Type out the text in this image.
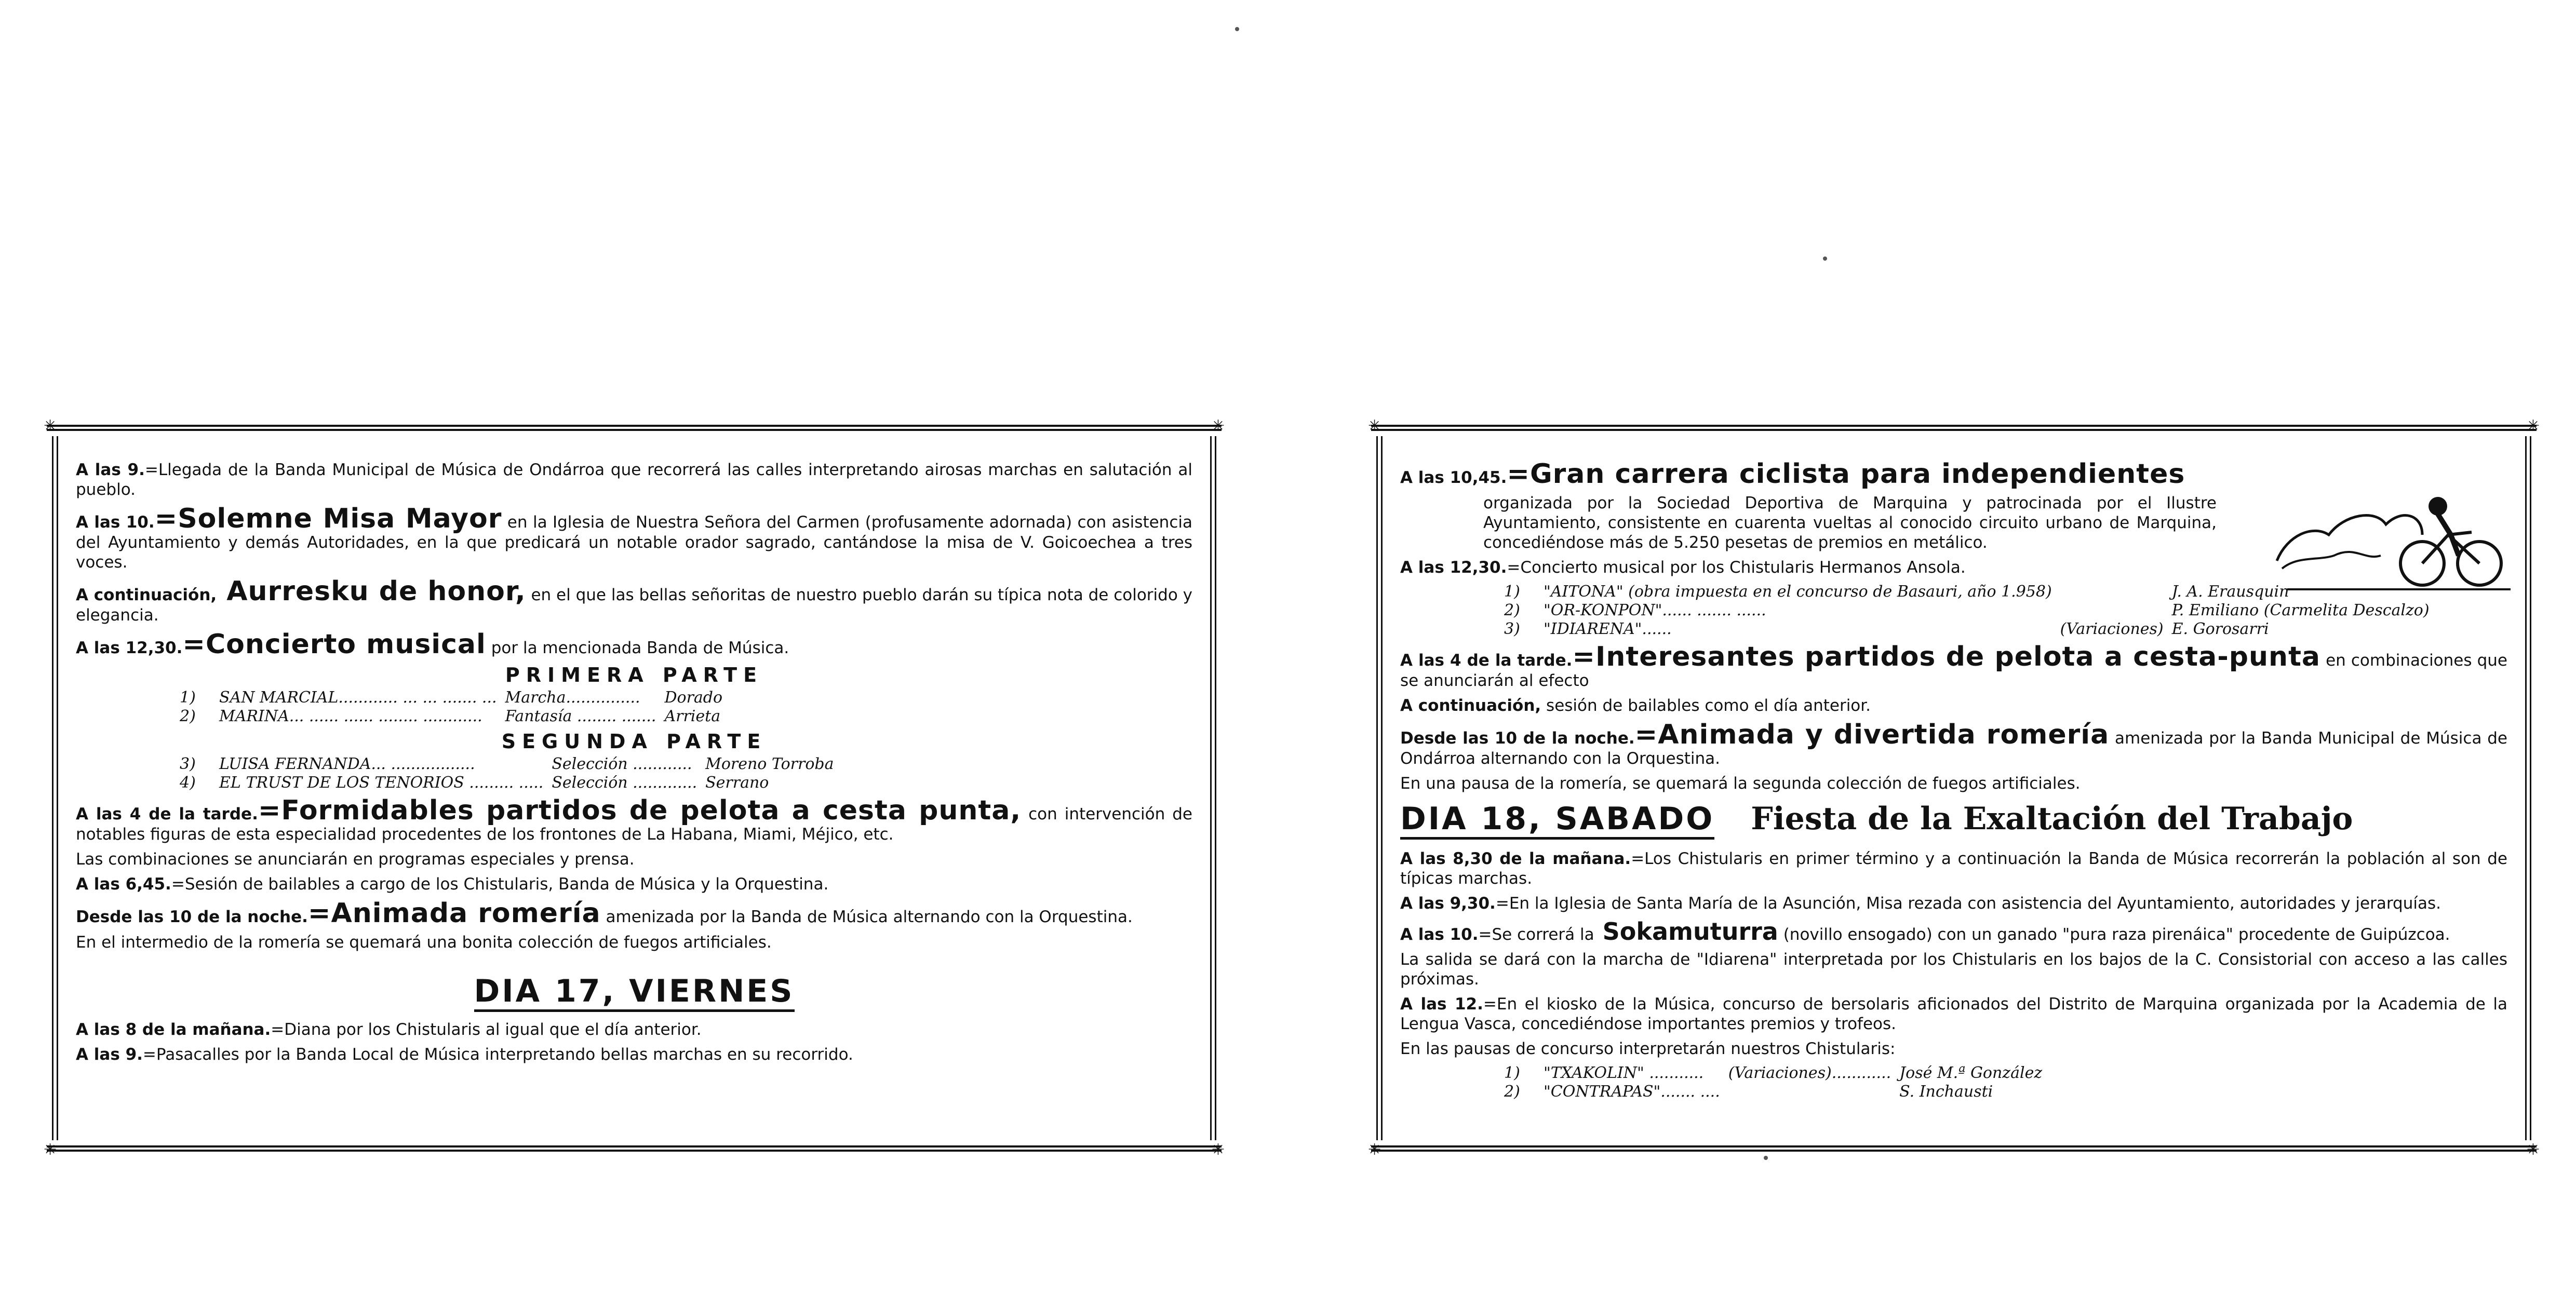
✳	✳
✳	✳

A las 9.=Llegada de la Banda Municipal de Música de Ondárroa que recorrerá las calles interpretando airosas marchas en salutación al pueblo.

A las 10.=Solemne Misa Mayor en la Iglesia de Nuestra Señora del Carmen (profusamente adornada) con asistencia del Ayuntamiento y demás Autoridades, en la que predicará un notable orador sagrado, cantándose la misa de V. Goicoechea a tres voces.

A continuación, Aurresku de honor, en el que las bellas señoritas de nuestro pueblo darán su típica nota de colorido y elegancia.

A las 12,30.=Concierto musical por la mencionada Banda de Música.

PRIMERA PARTE
1)	SAN MARCIAL............ ... ... ....... ...	Marcha...............	Dorado
2)	MARINA... ...... ...... ........ ............	Fantasía ........ .......	Arrieta
SEGUNDA PARTE
3)	LUISA FERNANDA... .................	Selección ............	Moreno Torroba
4)	EL TRUST DE LOS TENORIOS ......... .....	Selección .............	Serrano

A las 4 de la tarde.=Formidables partidos de pelota a cesta punta, con intervención de notables figuras de esta especialidad procedentes de los frontones de La Habana, Miami, Méjico, etc.

Las combinaciones se anunciarán en programas especiales y prensa.

A las 6,45.=Sesión de bailables a cargo de los Chistularis, Banda de Música y la Orquestina.

Desde las 10 de la noche.=Animada romería amenizada por la Banda de Música alternando con la Orquestina.

En el intermedio de la romería se quemará una bonita colección de fuegos artificiales.

DIA 17, VIERNES

A las 8 de la mañana.=Diana por los Chistularis al igual que el día anterior.

A las 9.=Pasacalles por la Banda Local de Música interpretando bellas marchas en su recorrido.

✳	✳
✳	✳

A las 10,45.=Gran carrera ciclista para independientes

organizada por la Sociedad Deportiva de Marquina y patrocinada por el Ilustre Ayuntamiento, consistente en cuarenta vueltas al conocido circuito urbano de Marquina, concediéndose más de 5.250 pesetas de premios en metálico.

A las 12,30.=Concierto musical por los Chistularis Hermanos Ansola.

1)	"AITONA" (obra impuesta en el concurso de Basauri, año 1.958)		J. A. Erausquin
2)	"OR-KONPON"...... ....... ......		P. Emiliano (Carmelita Descalzo)
3)	"IDIARENA"......	(Variaciones)	E. Gorosarri

A las 4 de la tarde.=Interesantes partidos de pelota a cesta-punta en combinaciones que se anunciarán al efecto

A continuación, sesión de bailables como el día anterior.

Desde las 10 de la noche.=Animada y divertida romería amenizada por la Banda Municipal de Música de Ondárroa alternando con la Orquestina.

En una pausa de la romería, se quemará la segunda colección de fuegos artificiales.

DIA 18, SABADO Fiesta de la Exaltación del Trabajo

A las 8,30 de la mañana.=Los Chistularis en primer término y a continuación la Banda de Música recorrerán la población al son de típicas marchas.

A las 9,30.=En la Iglesia de Santa María de la Asunción, Misa rezada con asistencia del Ayuntamiento, autoridades y jerarquías.

A las 10.=Se correrá la Sokamuturra (novillo ensogado) con un ganado "pura raza pirenáica" procedente de Guipúzcoa.

La salida se dará con la marcha de "Idiarena" interpretada por los Chistularis en los bajos de la C. Consistorial con acceso a las calles próximas.

A las 12.=En el kiosko de la Música, concurso de bersolaris aficionados del Distrito de Marquina organizada por la Academia de la Lengua Vasca, concediéndose importantes premios y trofeos.

En las pausas de concurso interpretarán nuestros Chistularis:

1)	"TXAKOLIN" ...........	(Variaciones)............	José M.ª González
2)	"CONTRAPAS"....... ....		S. Inchausti
